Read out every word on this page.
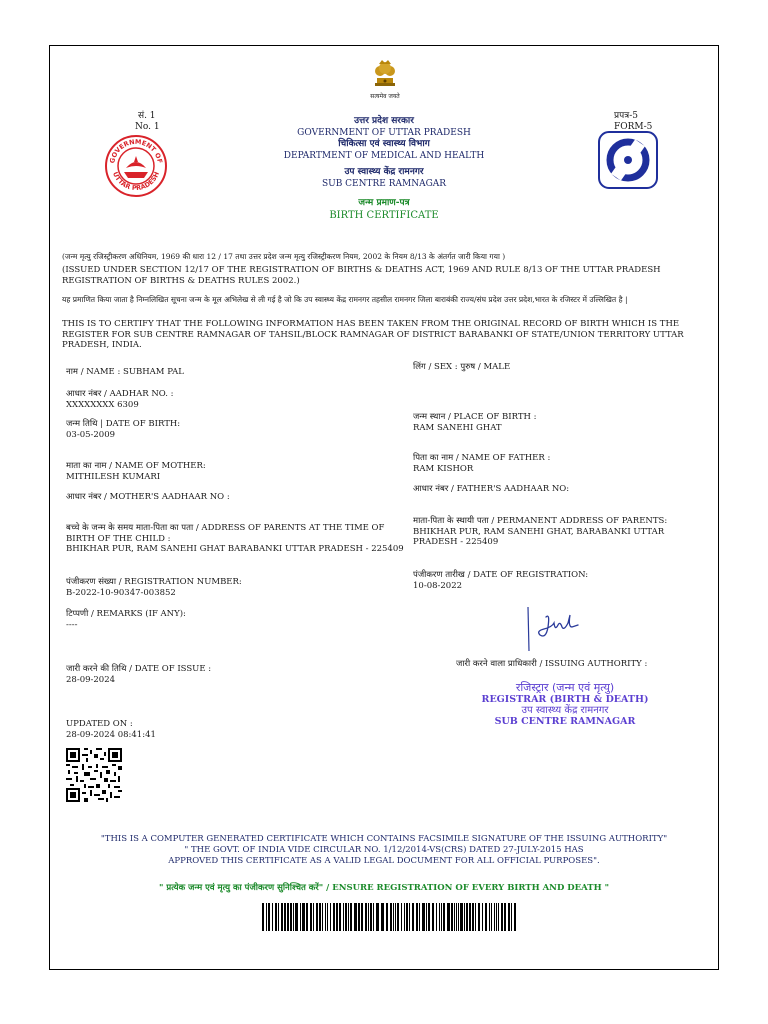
सत्यमेव जयते
सं. 1
No. 1
प्रपत्र-5
FORM-5
GOVERNMENT OF
UTTAR PRADESH
उत्तर प्रदेश सरकार
GOVERNMENT OF UTTAR PRADESH
चिकित्सा एवं स्वास्थ्य विभाग
DEPARTMENT OF MEDICAL AND HEALTH
उप स्वास्थ्य केंद्र रामनगर
SUB CENTRE RAMNAGAR
जन्म प्रमाण-पत्र
BIRTH CERTIFICATE
(जन्म मृत्यु रजिस्ट्रीकरण अधिनियम, 1969 की धारा 12 / 17 तथा उत्तर प्रदेश जन्म मृत्यु रजिस्ट्रीकरण नियम, 2002 के नियम 8/13 के अंतर्गत जारी किया गया )
(ISSUED UNDER SECTION 12/17 OF THE REGISTRATION OF BIRTHS & DEATHS ACT, 1969 AND RULE 8/13 OF THE UTTAR PRADESH REGISTRATION OF BIRTHS & DEATHS RULES 2002.)
यह प्रमाणित किया जाता है निम्नलिखित सूचना जन्म के मूल अभिलेख से ली गई है जो कि उप स्वास्थ्य केंद्र रामनगर तहसील रामनगर जिला बाराबंकी राज्य/संघ प्रदेश उत्तर प्रदेश,भारत के रजिस्टर में उल्लिखित है |
THIS IS TO CERTIFY THAT THE FOLLOWING INFORMATION HAS BEEN TAKEN FROM THE ORIGINAL RECORD OF BIRTH WHICH IS THE REGISTER FOR SUB CENTRE RAMNAGAR OF TAHSIL/BLOCK RAMNAGAR OF DISTRICT BARABANKI OF STATE/UNION TERRITORY UTTAR PRADESH, INDIA.
नाम / NAME : SUBHAM PAL
आधार नंबर / AADHAR NO. :
XXXXXXXX 6309
जन्म तिथि | DATE OF BIRTH:
03-05-2009
माता का नाम / NAME OF MOTHER:
MITHILESH KUMARI
आधार नंबर / MOTHER'S AADHAAR NO :
बच्चे के जन्म के समय माता-पिता का पता / ADDRESS OF PARENTS AT THE TIME OF
BIRTH OF THE CHILD :
BHIKHAR PUR, RAM SANEHI GHAT BARABANKI UTTAR PRADESH - 225409
पंजीकरण संख्या / REGISTRATION NUMBER:
B-2022-10-90347-003852
टिप्पणी / REMARKS (IF ANY):
----
जारी करने की तिथि / DATE OF ISSUE :
28-09-2024
UPDATED ON :
28-09-2024 08:41:41
लिंग / SEX : पुरुष / MALE
जन्म स्थान / PLACE OF BIRTH :
RAM SANEHI GHAT
पिता का नाम / NAME OF FATHER :
RAM KISHOR
आधार नंबर / FATHER'S AADHAAR NO:
माता-पिता के स्थायी पता / PERMANENT ADDRESS OF PARENTS:
BHIKHAR PUR, RAM SANEHI GHAT, BARABANKI UTTAR
PRADESH - 225409
पंजीकरण तारीख / DATE OF REGISTRATION:
10-08-2022
जारी करने वाला प्राधिकारी / ISSUING AUTHORITY :
रजिस्ट्रार (जन्म एवं मृत्यु)
REGISTRAR (BIRTH & DEATH)
उप स्वास्थ्य केंद्र रामनगर
SUB CENTRE RAMNAGAR
"THIS IS A COMPUTER GENERATED CERTIFICATE WHICH CONTAINS FACSIMILE SIGNATURE OF THE ISSUING AUTHORITY"
" THE GOVT. OF INDIA VIDE CIRCULAR NO. 1/12/2014-VS(CRS) DATED 27-JULY-2015 HAS
APPROVED THIS CERTIFICATE AS A VALID LEGAL DOCUMENT FOR ALL OFFICIAL PURPOSES".
" प्रत्येक जन्म एवं मृत्यु का पंजीकरण सुनिश्चित करें" / ENSURE REGISTRATION OF EVERY BIRTH AND DEATH "
